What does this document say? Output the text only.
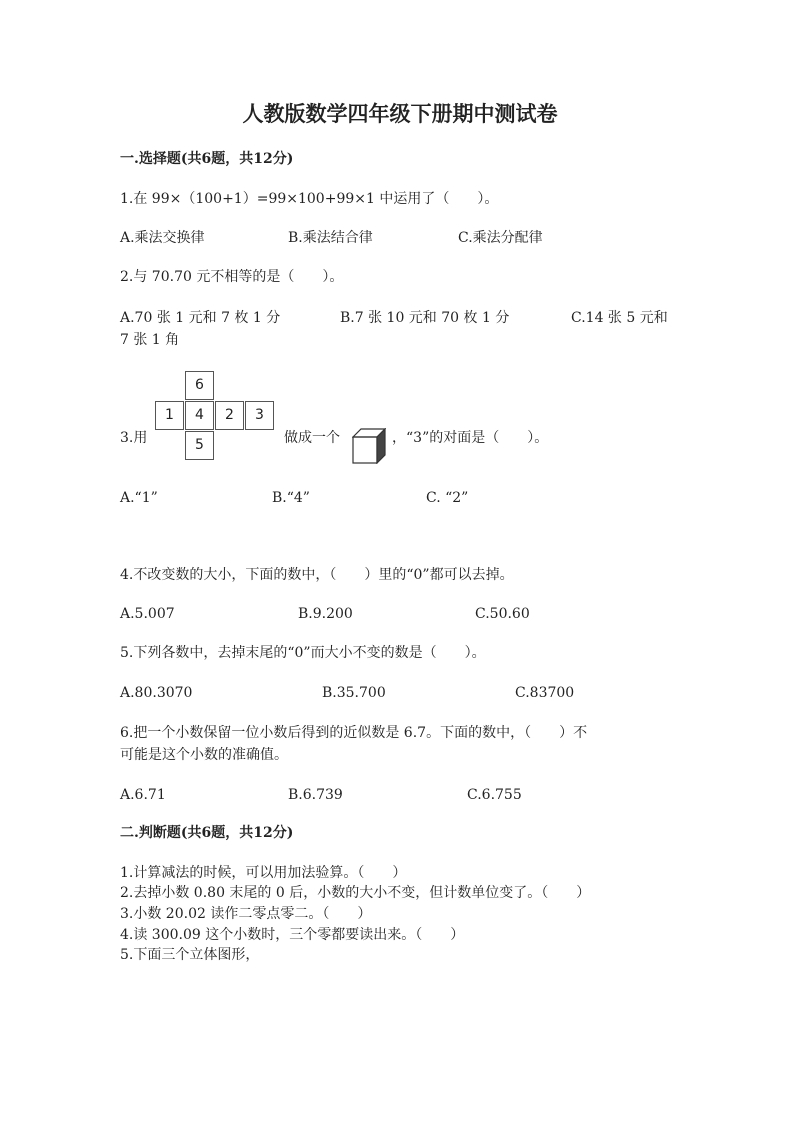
人教版数学四年级下册期中测试卷
一.选择题(共6题，共12分)
1.在 99×（100+1）=99×100+99×1 中运用了（　　）。
A.乘法交换律	B.乘法结合律	C.乘法分配律
2.与 70.70 元不相等的是（　　）。
A.70 张 1 元和 7 枚 1 分	B.7 张 10 元和 70 枚 1 分	C.14 张 5 元和
7 张 1 角
3.用
6
1	4	2	3
5	做成一个	，“3”的对面是（　　）。
A.“1”	B.“4”	C. “2”
4.不改变数的大小，下面的数中，（　　）里的“0”都可以去掉。
A.5.007	B.9.200	C.50.60
5.下列各数中，去掉末尾的“0”而大小不变的数是（　　）。
A.80.3070	B.35.700	C.83700
6.把一个小数保留一位小数后得到的近似数是 6.7。下面的数中，（　　）不
可能是这个小数的准确值。
A.6.71	B.6.739	C.6.755
二.判断题(共6题，共12分)
1.计算减法的时候，可以用加法验算。（　　）
2.去掉小数 0.80 末尾的 0 后，小数的大小不变，但计数单位变了。（　　）
3.小数 20.02 读作二零点零二。（　　）
4.读 300.09 这个小数时，三个零都要读出来。（　　）
5.下面三个立体图形，
